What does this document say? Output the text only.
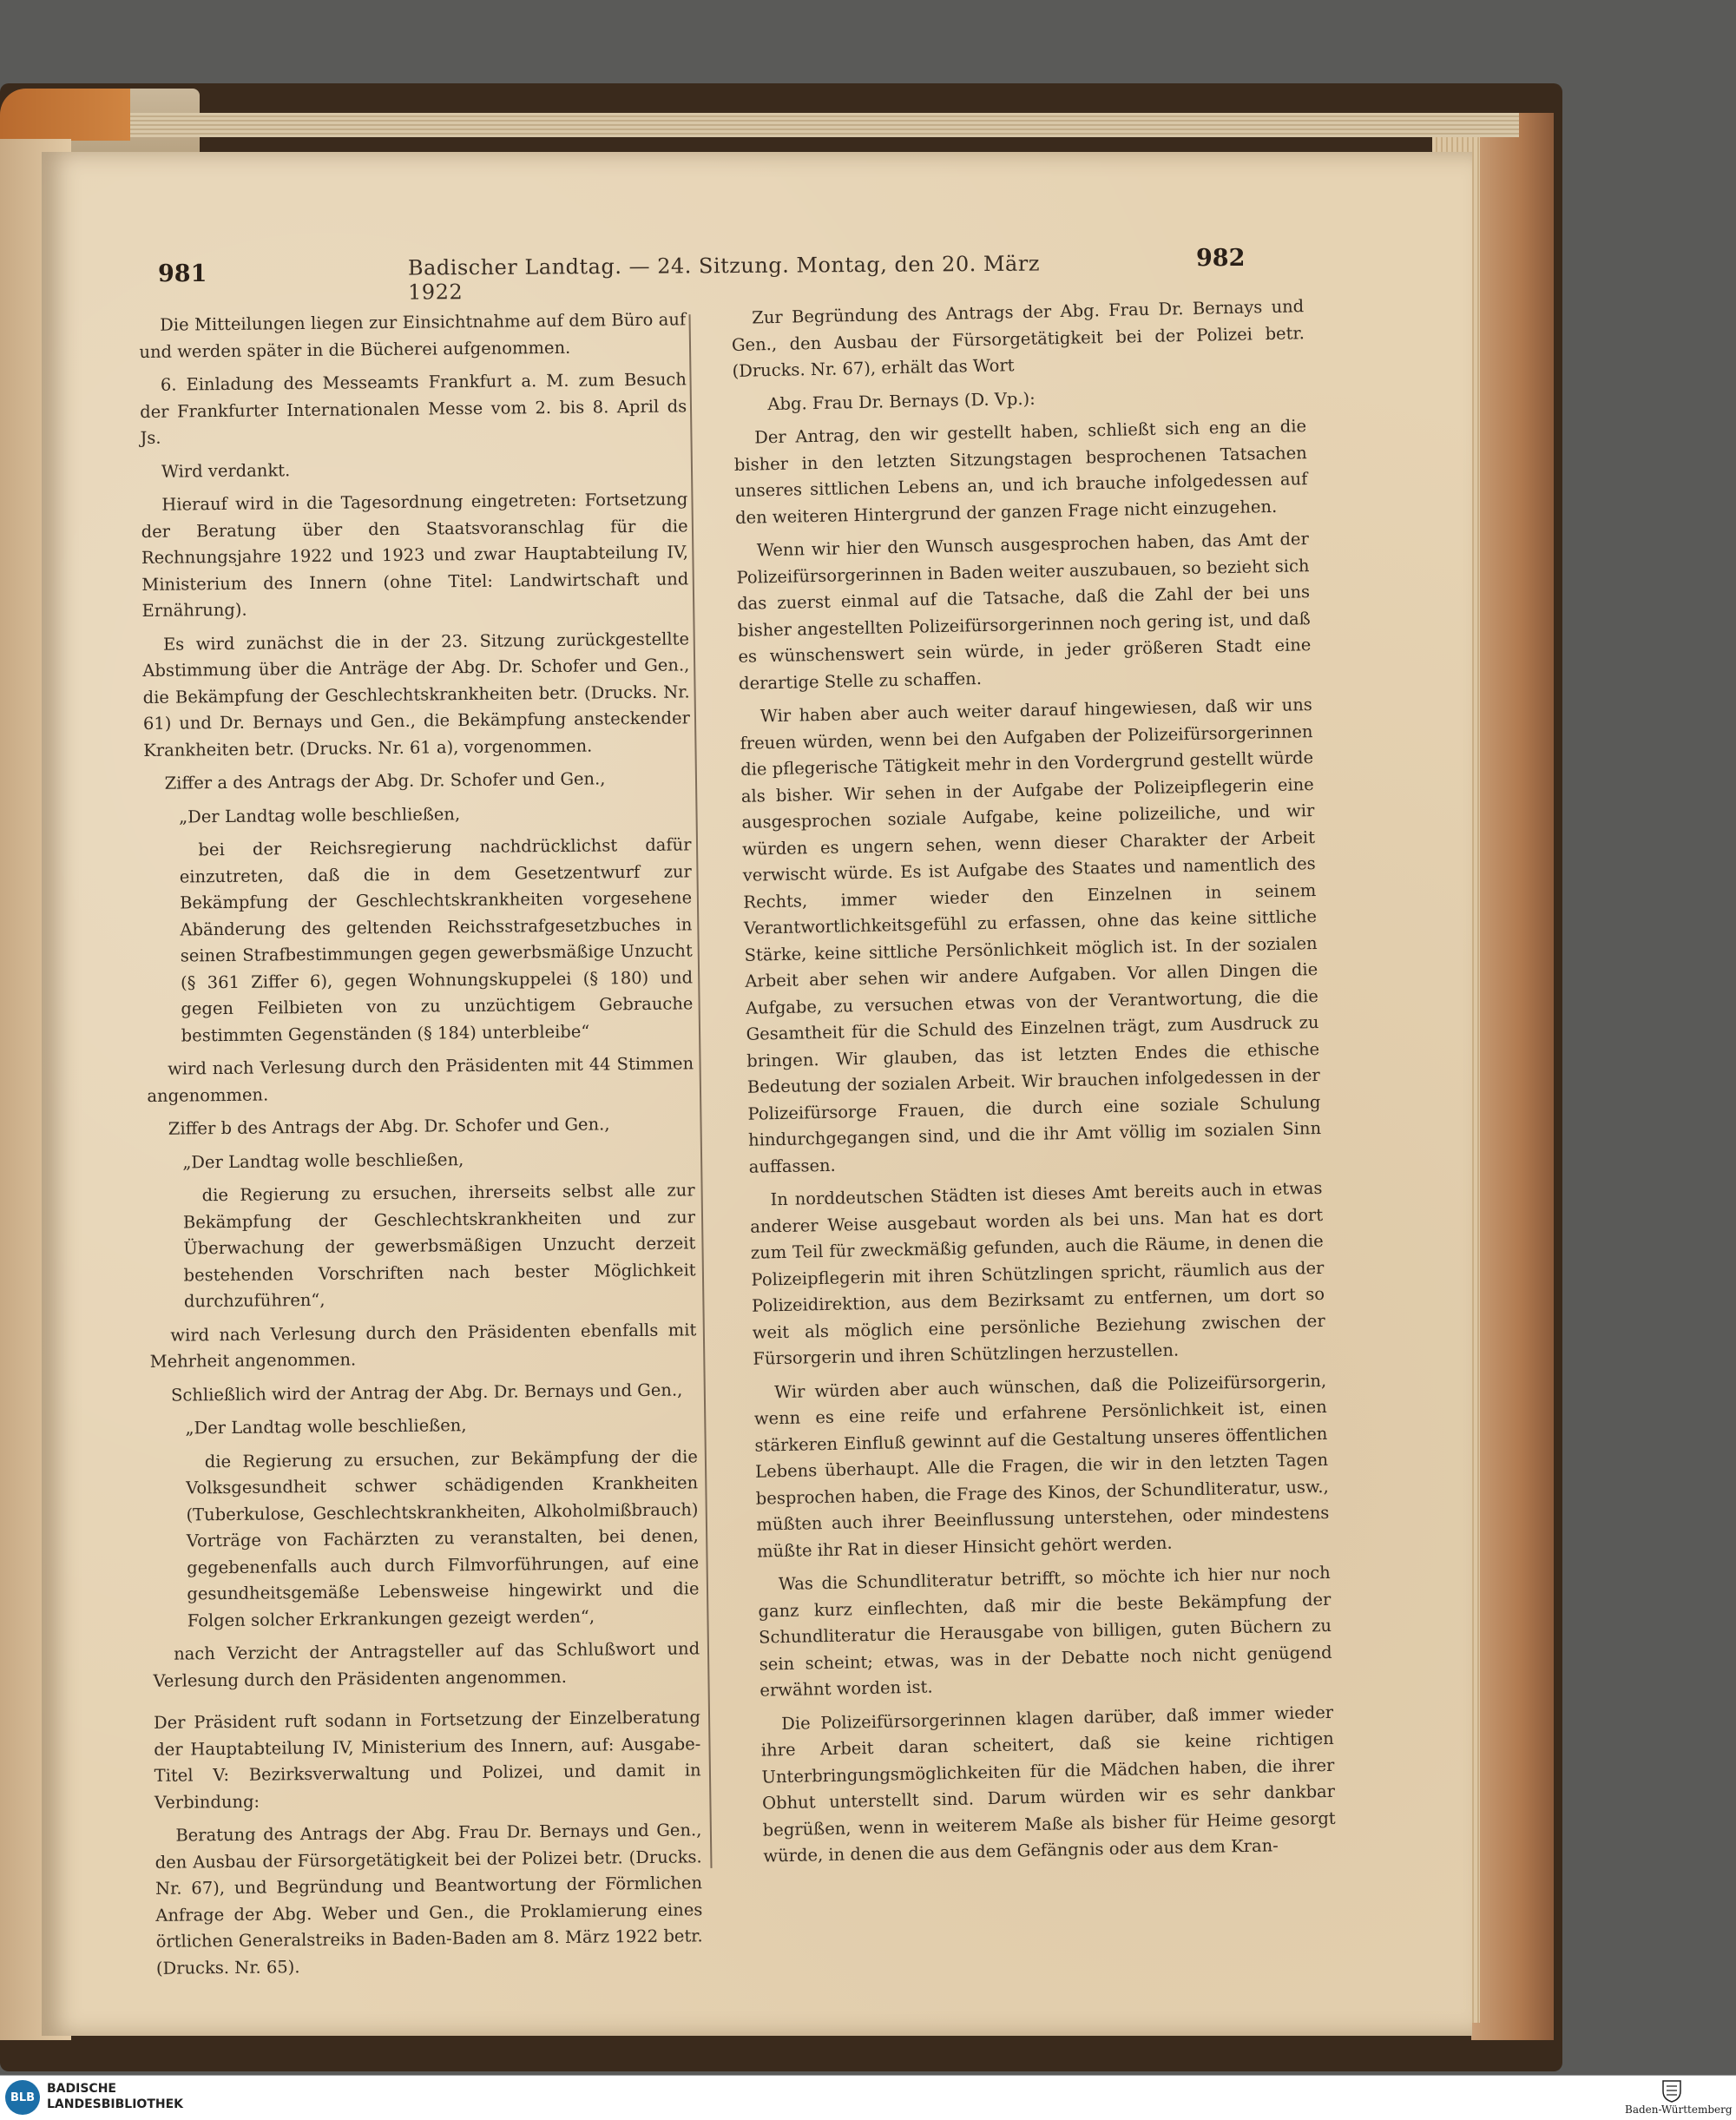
981	Badischer Landtag. — 24. Sitzung. Montag, den 20. März 1922
982

Die Mitteilungen liegen zur Einsichtnahme auf dem Büro auf und werden später in die Bücherei aufgenommen.

6. Einladung des Messeamts Frankfurt a. M. zum Besuch der Frankfurter Internationalen Messe vom 2. bis 8. April ds Js.

Wird verdankt.

Hierauf wird in die Tagesordnung eingetreten: Fortsetzung der Beratung über den Staatsvoranschlag für die Rechnungsjahre 1922 und 1923 und zwar Hauptabteilung IV, Ministerium des Innern (ohne Titel: Landwirtschaft und Ernährung).

Es wird zunächst die in der 23. Sitzung zurückgestellte Abstimmung über die Anträge der Abg. Dr. Schofer und Gen., die Bekämpfung der Geschlechtskrankheiten betr. (Drucks. Nr. 61) und Dr. Bernays und Gen., die Bekämpfung ansteckender Krankheiten betr. (Drucks. Nr. 61 a), vorgenommen.

Ziffer a des Antrags der Abg. Dr. Schofer und Gen.,

„Der Landtag wolle beschließen,

bei der Reichsregierung nachdrücklichst dafür einzutreten, daß die in dem Gesetzentwurf zur Bekämpfung der Geschlechtskrankheiten vorgesehene Abänderung des geltenden Reichsstrafgesetzbuches in seinen Strafbestimmungen gegen gewerbsmäßige Unzucht (§ 361 Ziffer 6), gegen Wohnungskuppelei (§ 180) und gegen Feilbieten von zu unzüchtigem Gebrauche bestimmten Gegenständen (§ 184) unterbleibe“

wird nach Verlesung durch den Präsidenten mit 44 Stimmen angenommen.

Ziffer b des Antrags der Abg. Dr. Schofer und Gen.,

„Der Landtag wolle beschließen,

die Regierung zu ersuchen, ihrerseits selbst alle zur Bekämpfung der Geschlechtskrankheiten und zur Überwachung der gewerbsmäßigen Unzucht derzeit bestehenden Vorschriften nach bester Möglichkeit durchzuführen“,

wird nach Verlesung durch den Präsidenten ebenfalls mit Mehrheit angenommen.

Schließlich wird der Antrag der Abg. Dr. Bernays und Gen.,

„Der Landtag wolle beschließen,

die Regierung zu ersuchen, zur Bekämpfung der die Volksgesundheit schwer schädigenden Krankheiten (Tuberkulose, Geschlechtskrankheiten, Alkoholmißbrauch) Vorträge von Fachärzten zu veranstalten, bei denen, gegebenenfalls auch durch Filmvorführungen, auf eine gesundheitsgemäße Lebensweise hingewirkt und die Folgen solcher Erkrankungen gezeigt werden“,

nach Verzicht der Antragsteller auf das Schlußwort und Verlesung durch den Präsidenten angenommen.

Der Präsident ruft sodann in Fortsetzung der Einzelberatung der Hauptabteilung IV, Ministerium des Innern, auf: Ausgabe-Titel V: Bezirksverwaltung und Polizei, und damit in Verbindung:

Beratung des Antrags der Abg. Frau Dr. Bernays und Gen., den Ausbau der Fürsorgetätigkeit bei der Polizei betr. (Drucks. Nr. 67), und Begründung und Beantwortung der Förmlichen Anfrage der Abg. Weber und Gen., die Proklamierung eines örtlichen Generalstreiks in Baden-Baden am 8. März 1922 betr. (Drucks. Nr. 65).

Zur Begründung des Antrags der Abg. Frau Dr. Bernays und Gen., den Ausbau der Fürsorgetätigkeit bei der Polizei betr. (Drucks. Nr. 67), erhält das Wort

Abg. Frau Dr. Bernays (D. Vp.):

Der Antrag, den wir gestellt haben, schließt sich eng an die bisher in den letzten Sitzungstagen besprochenen Tatsachen unseres sittlichen Lebens an, und ich brauche infolgedessen auf den weiteren Hintergrund der ganzen Frage nicht einzugehen.

Wenn wir hier den Wunsch ausgesprochen haben, das Amt der Polizeifürsorgerinnen in Baden weiter auszubauen, so bezieht sich das zuerst einmal auf die Tatsache, daß die Zahl der bei uns bisher angestellten Polizeifürsorgerinnen noch gering ist, und daß es wünschenswert sein würde, in jeder größeren Stadt eine derartige Stelle zu schaffen.

Wir haben aber auch weiter darauf hingewiesen, daß wir uns freuen würden, wenn bei den Aufgaben der Polizeifürsorgerinnen die pflegerische Tätigkeit mehr in den Vordergrund gestellt würde als bisher. Wir sehen in der Aufgabe der Polizeipflegerin eine ausgesprochen soziale Aufgabe, keine polizeiliche, und wir würden es ungern sehen, wenn dieser Charakter der Arbeit verwischt würde. Es ist Aufgabe des Staates und namentlich des Rechts, immer wieder den Einzelnen in seinem Verantwortlichkeitsgefühl zu erfassen, ohne das keine sittliche Stärke, keine sittliche Persönlichkeit möglich ist. In der sozialen Arbeit aber sehen wir andere Aufgaben. Vor allen Dingen die Aufgabe, zu versuchen etwas von der Verantwortung, die die Gesamtheit für die Schuld des Einzelnen trägt, zum Ausdruck zu bringen. Wir glauben, das ist letzten Endes die ethische Bedeutung der sozialen Arbeit. Wir brauchen infolgedessen in der Polizeifürsorge Frauen, die durch eine soziale Schulung hindurchgegangen sind, und die ihr Amt völlig im sozialen Sinn auffassen.

In norddeutschen Städten ist dieses Amt bereits auch in etwas anderer Weise ausgebaut worden als bei uns. Man hat es dort zum Teil für zweckmäßig gefunden, auch die Räume, in denen die Polizeipflegerin mit ihren Schützlingen spricht, räumlich aus der Polizeidirektion, aus dem Bezirksamt zu entfernen, um dort so weit als möglich eine persönliche Beziehung zwischen der Fürsorgerin und ihren Schützlingen herzustellen.

Wir würden aber auch wünschen, daß die Polizeifürsorgerin, wenn es eine reife und erfahrene Persönlichkeit ist, einen stärkeren Einfluß gewinnt auf die Gestaltung unseres öffentlichen Lebens überhaupt. Alle die Fragen, die wir in den letzten Tagen besprochen haben, die Frage des Kinos, der Schundliteratur, usw., müßten auch ihrer Beeinflussung unterstehen, oder mindestens müßte ihr Rat in dieser Hinsicht gehört werden.

Was die Schundliteratur betrifft, so möchte ich hier nur noch ganz kurz einflechten, daß mir die beste Bekämpfung der Schundliteratur die Herausgabe von billigen, guten Büchern zu sein scheint; etwas, was in der Debatte noch nicht genügend erwähnt worden ist.

Die Polizeifürsorgerinnen klagen darüber, daß immer wieder ihre Arbeit daran scheitert, daß sie keine richtigen Unterbringungsmöglichkeiten für die Mädchen haben, die ihrer Obhut unterstellt sind. Darum würden wir es sehr dankbar begrüßen, wenn in weiterem Maße als bisher für Heime gesorgt würde, in denen die aus dem Gefängnis oder aus dem Kran-

BLB
BADISCHE
LANDESBIBLIOTHEK	Baden-Württemberg
